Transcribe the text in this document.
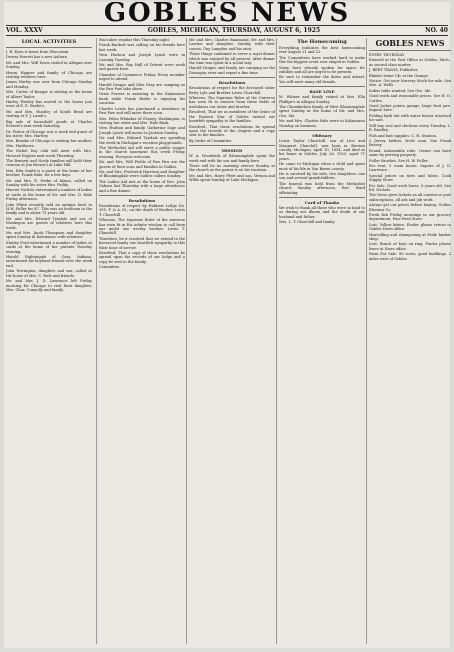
GOBLES NEWS
VOL. XXXV	GOBLES, MICHIGAN, THURSDAY, AUGUST 6, 1925	NO. 40
LOCAL ACTIVITIES

J. B. Eyon is home from Wisconsin.

Dewey Everett has a new Auburn.

Mr. and Mrs. Will Davis visited in Allegan over Sunday.

Henry Wagner and family of Chicago are visiting relatives here.

James Hurley was over from Chicago Sunday and Monday.

Mrs. Carter of Bangor is visiting at the home of Albert Taylor.

Harley Wenley has moved to the house just west of E. E. Beebe's.

Mr. and Mrs. Hoatley of South Bend are visiting at F. J. Lamb's.

Big sale of household goods at Charles Everett's next week Saturday.

Dr. Fisher of Chicago was a week end guest of his sister, Mrs. Hartley.

Mrs. Benske of Chicago is visiting her mother, Mrs. Matthews.

The Nickel Day club will meet with Mrs. Howard Hughes next week Thursday.

The Bennett and Neely families will hold their reunion at Jim Brown's at Lake Hill.

Mrs. Etta Smith is a guest at the home of her brother, Frank Hale, for a few days.

Mr. and Mrs. E. Peeke of Alamo, called on Sunday with his sister Mrs. Peddy.

Harriet Nichols entertained a number of ladies at cards at the home of Mr. and Mrs. D. Hale Friday afternoon.

John White recently sold an antique bowl to H.W. Fuller for $7. This was an heirloom in the family and is about 75 years old.

Mr. and Mrs. Edward Tyndale and son of Muskegon are guests of relatives here this week.

Mr. and Mrs. Jacob Thompson and daughter spent Sunday in Kalamazoo with relatives.

Shirley Ford entertained a number of ladies at cards at the home of her parents Tuesday evening.

Harold Nightingale of Gary, Indiana, entertained his boyhood friends over the week end.

John Yerrington, daughter and son, called at the home of Mrs. C. Hale and friends.

Mr. and Mrs. J. D. Lawrence left Friday morning for Chicago to visit their daughter, Mrs. Chas. Connolly and family.

Maccabee regular this Thursday night.

Frank Buckert was calling on his friends here last week.

Vern Hudson and Joseph Lynch were in Lansing Tuesday.

Mr. and Mrs. Ray Hall of Detroit were week end guests here.

Chamber of Commerce Friday. Every member urged to attend.

Harold Dragoo and Glen Dray are camping on the Paw Paw lake shore.

Orrin Powers is assisting in the Kalamazoo bank while Frank Beebe is enjoying his vacation.

Charles Lewis has purchased a residence in Paw Paw and will move there soon.

Mrs. Wiles Whitaker of Cheney, Washington, is visiting her sister and Mrs. Hale Bush.

Vern Hudson and family, Gatherine Sage and Joseph Lynch will motor to Jackson Sunday.

Mr. and Mrs. Edward Tyndale are spending the week in Michigan's vacation playgrounds.

The Methodist Aid will serve a public supper in the church basement this week Friday evening. Everyone welcome.

Mr. and Mrs. Will Fields of Paw Paw are the guests of their sons and families in Gobles.

Mr. and Mrs. Frederick Harrison and daughter of Bloomingdale were Gobles callers Sunday.

The Ladies Aid met at the home of Mrs. John Osborn last Thursday with a large attendance and a fine dinner.

Resolutions

Resolutions of respect by Hubbert Lodge No. 395, F. & A. M., on the death of Brother Lewis T. Churchill.

Whereas, The Supreme Ruler of the universe has seen fit in His infinite wisdom to call from our midst our worthy brother, Lewis T. Churchill.

Therefore, be it resolved that we extend to the bereaved family our heartfelt sympathy in this their hour of sorrow.

Resolved, That a copy of these resolutions be spread upon the records of our lodge and a copy be sent to the family.

Committee.

Mr. and Mrs. Charles Hammond, Mr. and Mrs. Lawton and daughter, Sunday with their cousin, Guy Langdon and his aunt.

These things combined to serve a royal dinner which was enjoyed by all present. After dinner the time was spent in a social way.

Harold Dragoo and family are camping on the Dowagiac river and report a fine time.

Resolutions

Resolutions of respect for the deceased sister Betty Lyle and Brother Lewis Churchill.

Whereas, The Supreme Ruler of the Universe has seen fit to remove from these fields of usefulness our sister and brother.

Resolved, That we as members of the Order of the Eastern Star of Gobles extend our heartfelt sympathy to the families.

Resolved, That these resolutions be spread upon the records of the chapter and a copy sent to the families.

By Order of Committee.

MISSION

W. A. Woodwick of Bloomingdale spent the week end with his son and family here.

There will be no morning service Sunday at the church as the pastor is on his vacation.

Mr. and Mrs. Harry Fleet and son, Vernon and Willis spent Sunday at Lake Michigan.

The Homecoming

Everything indicates the best homecoming ever August 21 and 22.

The Committees have worked hard to make this the biggest event ever staged in Gobles.

Many have already spoken for space for exhibits and all are urged to be present.

Be sure to remember the dates and attend. You will meet many old friends.

BASE LINE

M. Wilmer and family visited at Mrs. Ella Phillips's in Allegan Sunday.

The Chamberlain family of West Bloomingdale spent Sunday at the home of Mr. and Mrs. Geo. Ide.

Mr. and Mrs. Charles Hale were in Kalamazoo Monday on business.

Obituary

Lewis Taylor Churchill, son of Levi and Margaret Churchill, was born in Berrien county, Michigan, April 10, 1854, and died at his home in Gobles, July 26, 1925, aged 71 years.

He came to Michigan when a child and spent most of his life in Van Buren county.

He is survived by his wife, two daughters, one son and several grandchildren.

The funeral was held from the Methodist church Sunday afternoon, Rev. Ward officiating.

Card of Thanks

We wish to thank all those who were so kind to us during our illness and the death of our husband and father.

Mrs. L. T. Churchill and family.

GOBLES NEWS

EVERY THURSDAY

Entered at the Post Office at Gobles, Mich., as second class matter.

J. BERT TRAVIS, Publisher.

Blinder twine 14c at the Grange.

Notice: Get your Nursery Stock for sale. See Mrs. A. Wells.

Indies table wanted. See Geo. Ide.

Good work and reasonable prices. See R. D. Corliss.

Good Jacket potato garage, large fruit jars. Inquire here.

Folding bath tub with water heater attached for sale.

Will buy veal and chickens every Tuesday. L. R. Bradley.

Fish and bait supplies. C. H. Stanton.

2 Jersey heifers, fresh soon. See Frank Bessey.

Found. Automobile robe. Owner can have same by proving property.

Fuller Brushes. See H. W. Fuller.

For rent, 5 room house. Inquire of J. D. Lawrence.

Special prices on tires and tubes. Cook Supply Store.

For Sale. Good work horse, 8 years old. See Ed. Nichols.

The News gives tickets on all current or past subscriptions, all ads and job work.

Always get our prices before buying. Gobles Elevator Co.

Fresh fish Friday mornings in our grocery department. Fine Feed Store.

Lost. Yellow kitten. Finder please return to Gobles News office.

Marcelling and shampooing at Pride barber shop.

Lost. Bunch of keys on ring. Finder please leave at News office.

Farm For Sale. 80 acres, good buildings, 2 miles west of Gobles.
